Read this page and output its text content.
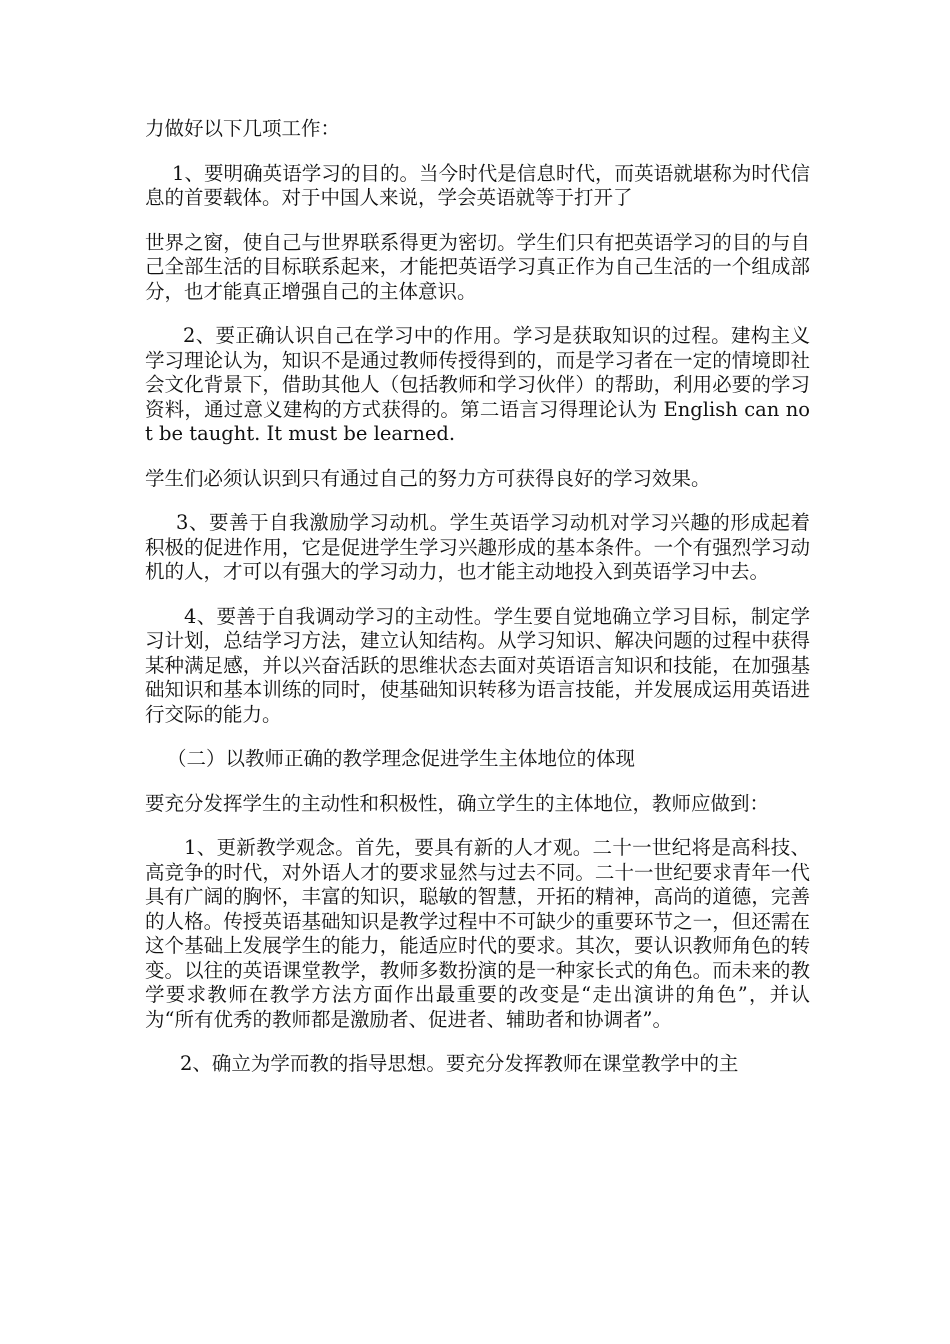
力做好以下几项工作：

1、要明确英语学习的目的。当今时代是信息时代，而英语就堪称为时代信息的首要载体。对于中国人来说，学会英语就等于打开了

世界之窗，使自己与世界联系得更为密切。学生们只有把英语学习的目的与自己全部生活的目标联系起来，才能把英语学习真正作为自己生活的一个组成部分，也才能真正增强自己的主体意识。

2、要正确认识自己在学习中的作用。学习是获取知识的过程。建构主义学习理论认为，知识不是通过教师传授得到的，而是学习者在一定的情境即社会文化背景下，借助其他人（包括教师和学习伙伴）的帮助，利用必要的学习资料，通过意义建构的方式获得的。第二语言习得理论认为 English can not be taught. It must be learned.

学生们必须认识到只有通过自己的努力方可获得良好的学习效果。

3、要善于自我激励学习动机。学生英语学习动机对学习兴趣的形成起着积极的促进作用，它是促进学生学习兴趣形成的基本条件。一个有强烈学习动机的人，才可以有强大的学习动力，也才能主动地投入到英语学习中去。

4、要善于自我调动学习的主动性。学生要自觉地确立学习目标，制定学习计划，总结学习方法，建立认知结构。从学习知识、解决问题的过程中获得某种满足感，并以兴奋活跃的思维状态去面对英语语言知识和技能，在加强基础知识和基本训练的同时，使基础知识转移为语言技能，并发展成运用英语进行交际的能力。

（二）以教师正确的教学理念促进学生主体地位的体现

要充分发挥学生的主动性和积极性，确立学生的主体地位，教师应做到：

1、更新教学观念。首先，要具有新的人才观。二十一世纪将是高科技、高竞争的时代，对外语人才的要求显然与过去不同。二十一世纪要求青年一代具有广阔的胸怀，丰富的知识，聪敏的智慧，开拓的精神，高尚的道德，完善的人格。传授英语基础知识是教学过程中不可缺少的重要环节之一，但还需在这个基础上发展学生的能力，能适应时代的要求。其次，要认识教师角色的转变。以往的英语课堂教学，教师多数扮演的是一种家长式的角色。而未来的教学要求教师在教学方法方面作出最重要的改变是“走出演讲的角色”，并认为“所有优秀的教师都是激励者、促进者、辅助者和协调者”。

2、确立为学而教的指导思想。要充分发挥教师在课堂教学中的主
